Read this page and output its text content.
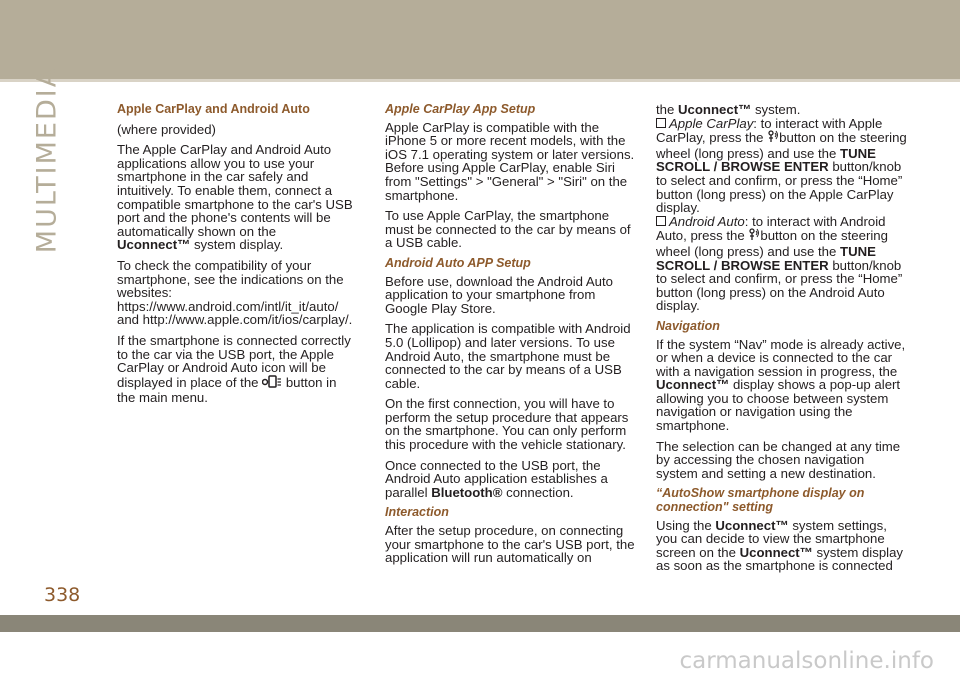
MULTIMEDIA	Apple CarPlay and Android Auto

(where provided)

The Apple CarPlay and Android Auto applications allow you to use your smartphone in the car safely and intuitively. To enable them, connect a compatible smartphone to the car's USB port and the phone's contents will be automatically shown on the Uconnect™ system display.

To check the compatibility of your smartphone, see the indications on the websites: https://www.android.com/intl/it_it/auto/ and http://www.apple.com/it/ios/carplay/.

If the smartphone is connected correctly to the car via the USB port, the Apple CarPlay or Android Auto icon will be displayed in place of the button in the main menu.

Apple CarPlay App Setup

Apple CarPlay is compatible with the iPhone 5 or more recent models, with the iOS 7.1 operating system or later versions. Before using Apple CarPlay, enable Siri from "Settings" > "General" > "Siri" on the smartphone.

To use Apple CarPlay, the smartphone must be connected to the car by means of a USB cable.

Android Auto APP Setup

Before use, download the Android Auto application to your smartphone from Google Play Store.

The application is compatible with Android 5.0 (Lollipop) and later versions. To use Android Auto, the smartphone must be connected to the car by means of a USB cable.

On the first connection, you will have to perform the setup procedure that appears on the smartphone. You can only perform this procedure with the vehicle stationary.

Once connected to the USB port, the Android Auto application establishes a parallel Bluetooth® connection.

Interaction

After the setup procedure, on connecting your smartphone to the car's USB port, the application will run automatically on

the Uconnect™ system.

Apple CarPlay: to interact with Apple CarPlay, press the button on the steering wheel (long press) and use the TUNE SCROLL / BROWSE ENTER button/knob to select and confirm, or press the “Home” button (long press) on the Apple CarPlay display.

Android Auto: to interact with Android Auto, press the button on the steering wheel (long press) and use the TUNE SCROLL / BROWSE ENTER button/knob to select and confirm, or press the “Home” button (long press) on the Android Auto display.

Navigation

If the system “Nav” mode is already active, or when a device is connected to the car with a navigation session in progress, the Uconnect™ display shows a pop-up alert allowing you to choose between system navigation or navigation using the smartphone.

The selection can be changed at any time by accessing the chosen navigation system and setting a new destination.

“AutoShow smartphone display on connection" setting

Using the Uconnect™ system settings, you can decide to view the smartphone screen on the Uconnect™ system display as soon as the smartphone is connected

338
carmanualsonline.info
